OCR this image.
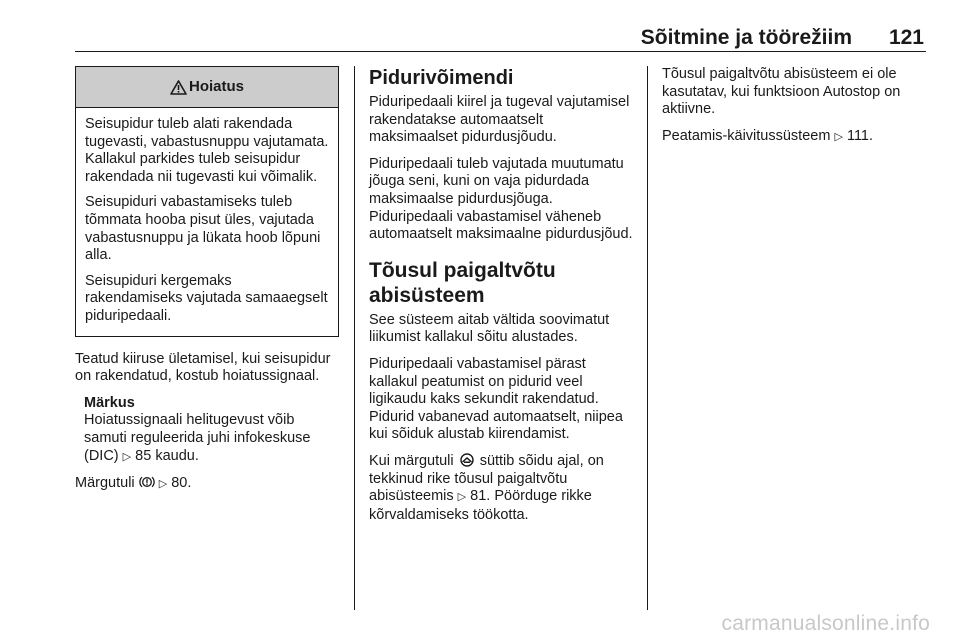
Sõitmine ja töörežiim 121
Hoiatus

Seisupidur tuleb alati rakendada tugevasti, vabastusnuppu vajutamata. Kallakul parkides tuleb seisupidur rakendada nii tugevasti kui võimalik.

Seisupiduri vabastamiseks tuleb tõmmata hooba pisut üles, vajutada vabastusnuppu ja lükata hoob lõpuni alla.

Seisupiduri kergemaks rakendamiseks vajutada samaaegselt piduripedaali.

Teatud kiiruse ületamisel, kui seisupidur on rakendatud, kostub hoiatussignaal.

Märkus
Hoiatussignaali helitugevust võib samuti reguleerida juhi infokeskuse (DIC) ▷ 85 kaudu.

Märgutuli ▷ 80.

Pidurivõimendi

Piduripedaali kiirel ja tugeval vajutamisel rakendatakse automaatselt maksimaalset pidurdusjõudu.

Piduripedaali tuleb vajutada muutumatu jõuga seni, kuni on vaja pidurdada maksimaalse pidurdusjõuga. Piduripedaali vabastamisel väheneb automaatselt maksimaalne pidurdusjõud.

Tõusul paigaltvõtu abisüsteem

See süsteem aitab vältida soovimatut liikumist kallakul sõitu alustades.

Piduripedaali vabastamisel pärast kallakul peatumist on pidurid veel ligikaudu kaks sekundit rakendatud. Pidurid vabanevad automaatselt, niipea kui sõiduk alustab kiirendamist.

Kui märgutuli süttib sõidu ajal, on tekkinud rike tõusul paigaltvõtu abisüsteemis ▷ 81. Pöörduge rikke kõrvaldamiseks töökotta.

Tõusul paigaltvõtu abisüsteem ei ole kasutatav, kui funktsioon Autostop on aktiivne.

Peatamis-käivitussüsteem ▷ 111.

carmanualsonline.info
